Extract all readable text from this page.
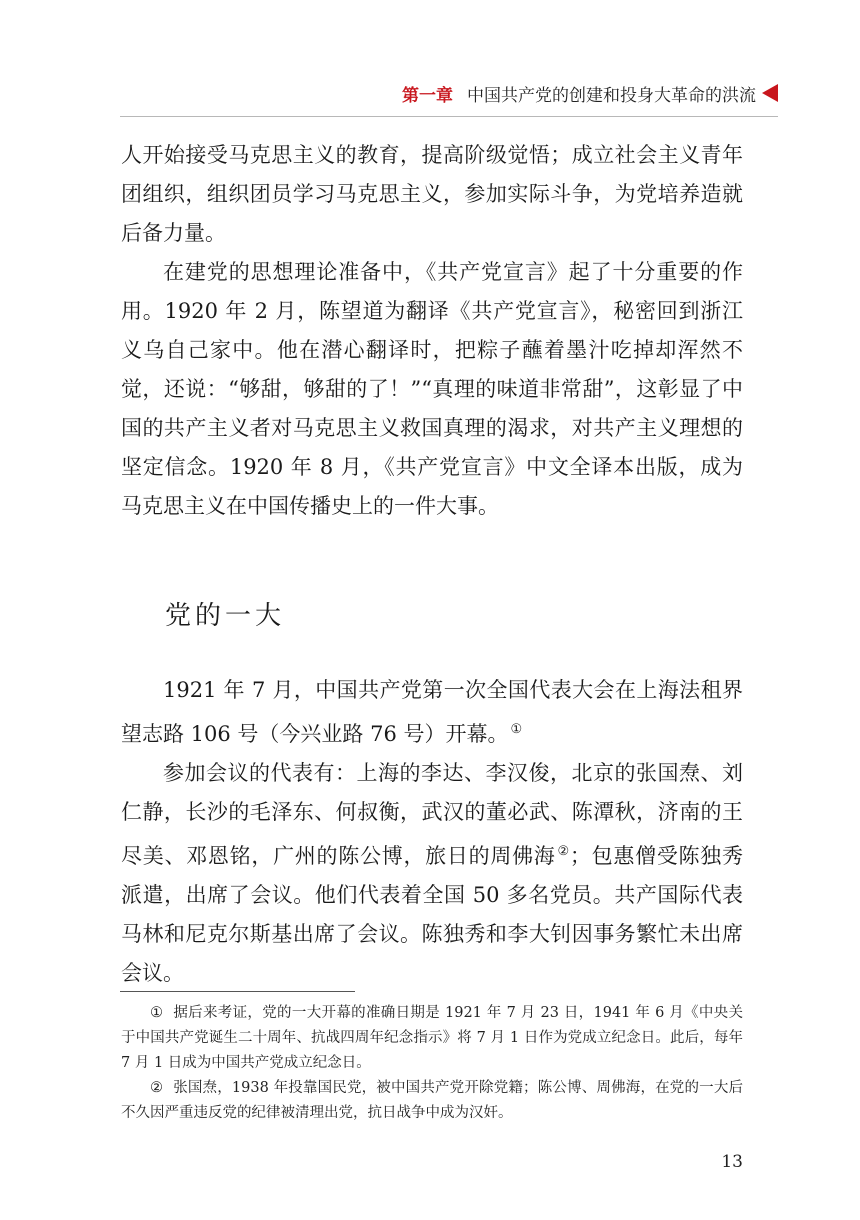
第一章 中国共产党的创建和投身大革命的洪流

人开始接受马克思主义的教育，提高阶级觉悟；成立社会主义青年团组织，组织团员学习马克思主义，参加实际斗争，为党培养造就后备力量。

在建党的思想理论准备中，《共产党宣言》起了十分重要的作用。1920 年 2 月，陈望道为翻译《共产党宣言》，秘密回到浙江义乌自己家中。他在潜心翻译时，把粽子蘸着墨汁吃掉却浑然不觉，还说：“够甜，够甜的了！”“真理的味道非常甜”，这彰显了中国的共产主义者对马克思主义救国真理的渴求，对共产主义理想的坚定信念。1920 年 8 月，《共产党宣言》中文全译本出版，成为马克思主义在中国传播史上的一件大事。

党的一大

1921 年 7 月，中国共产党第一次全国代表大会在上海法租界望志路 106 号（今兴业路 76 号）开幕。 ①

参加会议的代表有：上海的李达、李汉俊，北京的张国焘、刘仁静，长沙的毛泽东、何叔衡，武汉的董必武、陈潭秋，济南的王尽美、邓恩铭，广州的陈公博，旅日的周佛海 ②；包惠僧受陈独秀派遣，出席了会议。他们代表着全国 50 多名党员。共产国际代表马林和尼克尔斯基出席了会议。陈独秀和李大钊因事务繁忙未出席会议。

① 据后来考证，党的一大开幕的准确日期是 1921 年 7 月 23 日，1941 年 6 月《中央关于中国共产党诞生二十周年、抗战四周年纪念指示》将 7 月 1 日作为党成立纪念日。此后，每年 7 月 1 日成为中国共产党成立纪念日。

② 张国焘，1938 年投靠国民党，被中国共产党开除党籍；陈公博、周佛海，在党的一大后不久因严重违反党的纪律被清理出党，抗日战争中成为汉奸。

13
